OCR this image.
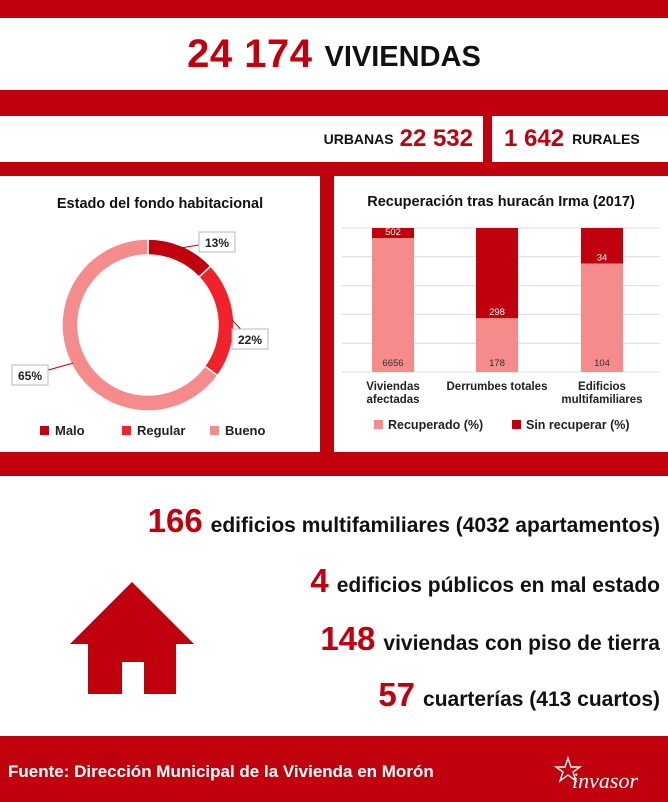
24 174 VIVIENDAS
URBANAS 22 532 1 642 RURALES
Estado del fondo habitacional
13%
22%
65%
Malo	Regular	Bueno
Recuperación tras huracán Irma (2017)
6656
502
Viviendas
afectadas
178
298
Derrumbes totales
104
34
Edificios
multifamiliares
Recuperado (%)	Sin recuperar (%)
166 edificios multifamiliares (4032 apartamentos)
4 edificios públicos en mal estado
148 viviendas con piso de tierra
57 cuarterías (413 cuartos)
Fuente: Dirección Municipal de la Vivienda en Morón	invasor
